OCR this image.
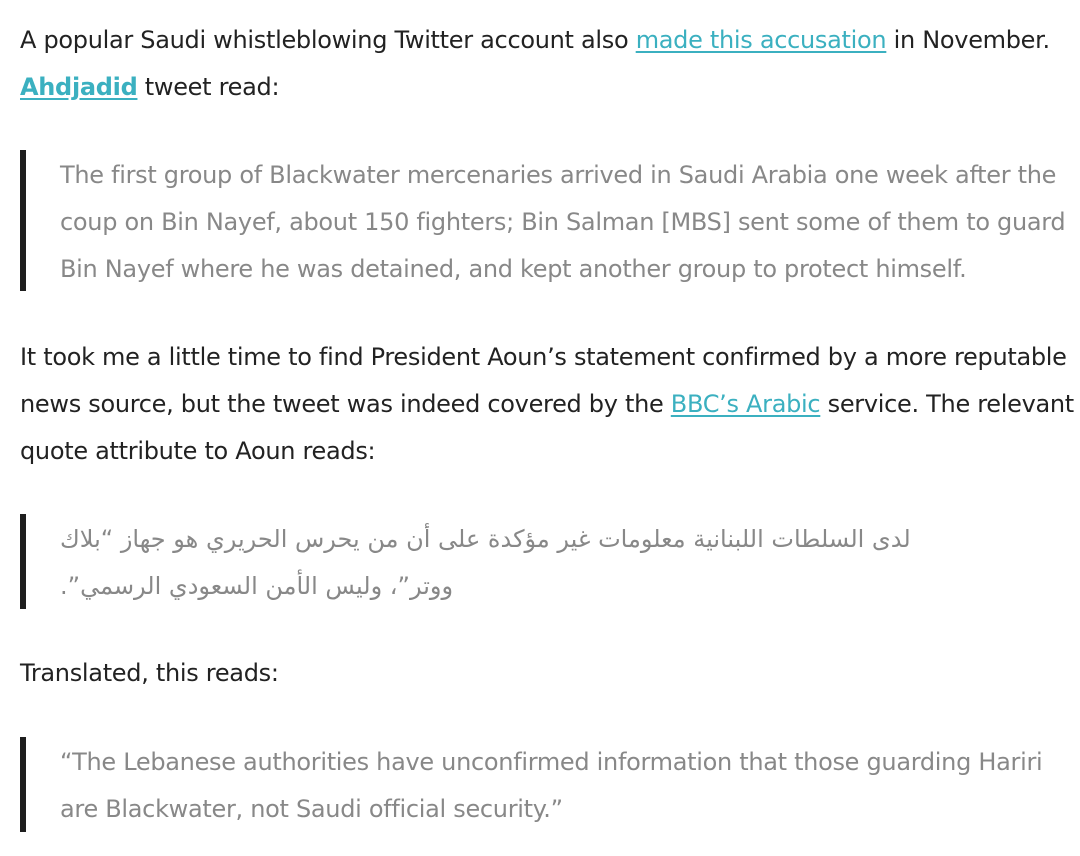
A popular Saudi whistleblowing Twitter account also made this accusation in November.
Ahdjadid tweet read:

The first group of Blackwater mercenaries arrived in Saudi Arabia one week after the
coup on Bin Nayef, about 150 fighters; Bin Salman [MBS] sent some of them to guard
Bin Nayef where he was detained, and kept another group to protect himself.

It took me a little time to find President Aoun’s statement confirmed by a more reputable
news source, but the tweet was indeed covered by the BBC’s Arabic service. The relevant
quote attribute to Aoun reads:

لدى السلطات اللبنانية معلومات غير مؤكدة على أن من يحرس الحريري هو جهاز “بلاك
ووتر”، وليس الأمن السعودي الرسمي”.

Translated, this reads:

“The Lebanese authorities have unconfirmed information that those guarding Hariri
are Blackwater, not Saudi official security.”
